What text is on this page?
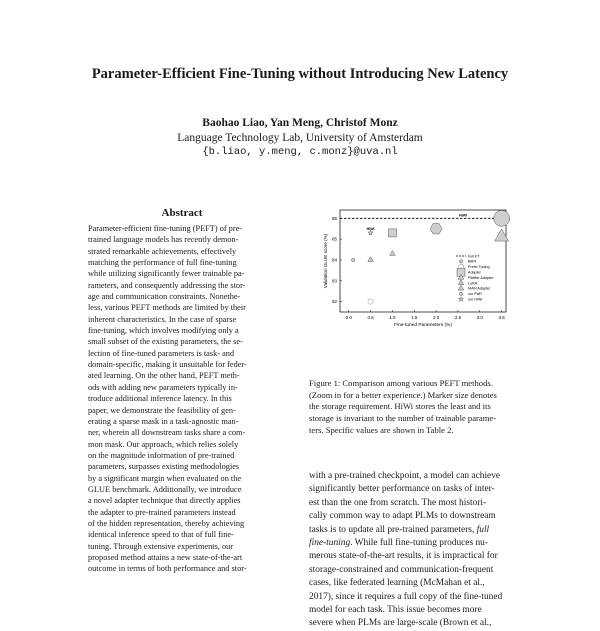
Parameter-Efficient Fine-Tuning without Introducing New Latency
Baohao Liao, Yan Meng, Christof Monz
Language Technology Lab, University of Amsterdam
{b.liao, y.meng, c.monz}@uva.nl
Abstract
Parameter-efficient fine-tuning (PEFT) of pre-
trained language models has recently demon-
strated remarkable achievements, effectively
matching the performance of full fine-tuning
while utilizing significantly fewer trainable pa-
rameters, and consequently addressing the stor-
age and communication constraints. Nonethe-
less, various PEFT methods are limited by their
inherent characteristics. In the case of sparse
fine-tuning, which involves modifying only a
small subset of the existing parameters, the se-
lection of fine-tuned parameters is task- and
domain-specific, making it unsuitable for feder-
ated learning. On the other hand, PEFT meth-
ods with adding new parameters typically in-
troduce additional inference latency. In this
paper, we demonstrate the feasibility of gen-
erating a sparse mask in a task-agnostic man-
ner, wherein all downstream tasks share a com-
mon mask. Our approach, which relies solely
on the magnitude information of pre-trained
parameters, surpasses existing methodologies
by a significant margin when evaluated on the
GLUE benchmark. Additionally, we introduce
a novel adapter technique that directly applies
the adapter to pre-trained parameters instead
of the hidden representation, thereby achieving
identical inference speed to that of full fine-
tuning. Through extensive experiments, our
proposed method attains a new state-of-the-art
outcome in terms of both performance and stor-
0.0	0.5	1.0	1.5	2.0	2.5	3.0	3.5
82
83
84
85
86
Fine-tuned Parameters (%)
Validation GLUE score (%)
HiWi
HiWi
Full FT
BitFit
Prefix Tuning
Adapter
Pfeiffer Adapter
LoRA
MAM Adapter
our PaFi
our HiWi
Figure 1: Comparison among various PEFT methods.
(Zoom in for a better experience.) Marker size denotes
the storage requirement. HiWi stores the least and its
storage is invariant to the number of trainable parame-
ters. Specific values are shown in Table 2.
with a pre-trained checkpoint, a model can achieve
significantly better performance on tasks of inter-
est than the one from scratch. The most histori-
cally common way to adapt PLMs to downstream
tasks is to update all pre-trained parameters, full
fine-tuning. While full fine-tuning produces nu-
merous state-of-the-art results, it is impractical for
storage-constrained and communication-frequent
cases, like federated learning (McMahan et al.,
2017), since it requires a full copy of the fine-tuned
model for each task. This issue becomes more
severe when PLMs are large-scale (Brown et al.,
